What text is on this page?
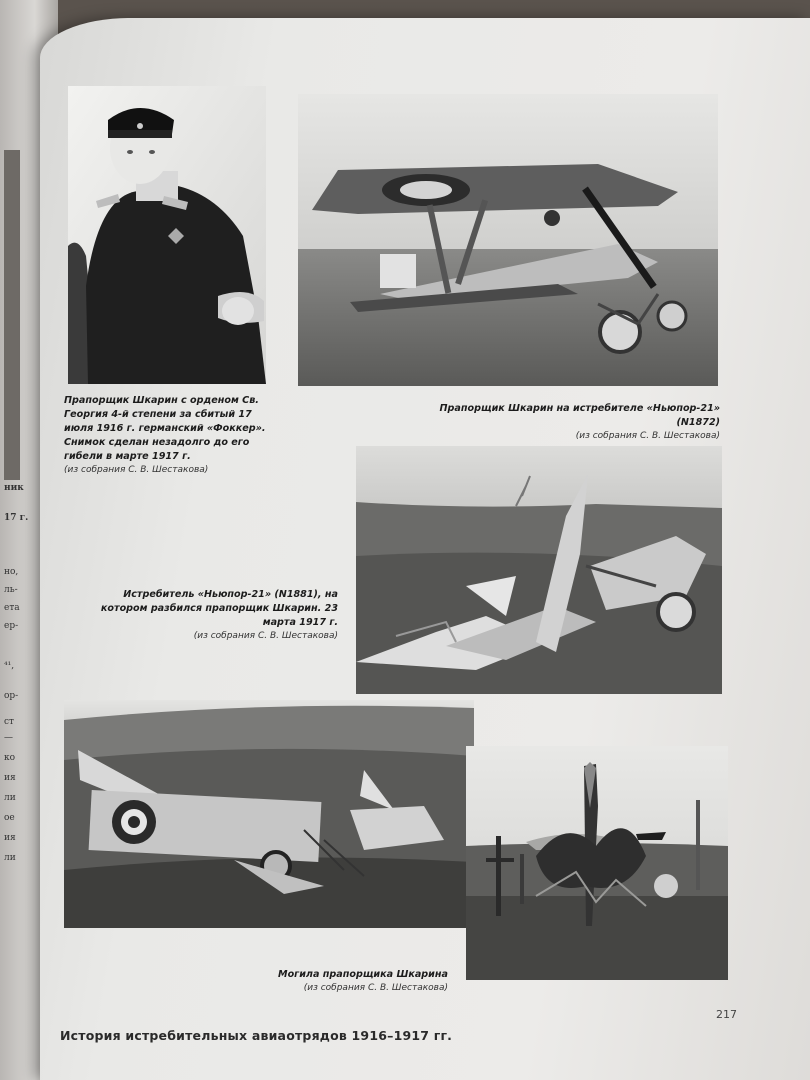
ник
17 г.
но,
ль-
ета
ер-
⁴¹,
ор-
ст
—
ко
ия
ли
ое
ия
ли
Прапорщик Шкарин с орденом Св. Георгия 4-й степени за сбитый 17 июля 1916 г. германский «Фоккер». Снимок сделан незадолго до его гибели в марте 1917 г.
(из собрания С. В. Шестакова)
Прапорщик Шкарин на истребителе «Ньюпор-21» (N1872)
(из собрания С. В. Шестакова)
Истребитель «Ньюпор-21» (N1881), на котором разбился прапорщик Шкарин. 23 марта 1917 г.
(из собрания С. В. Шестакова)
Могила прапорщика Шкарина
(из собрания С. В. Шестакова)
217
История истребительных авиаотрядов 1916–1917 гг.
